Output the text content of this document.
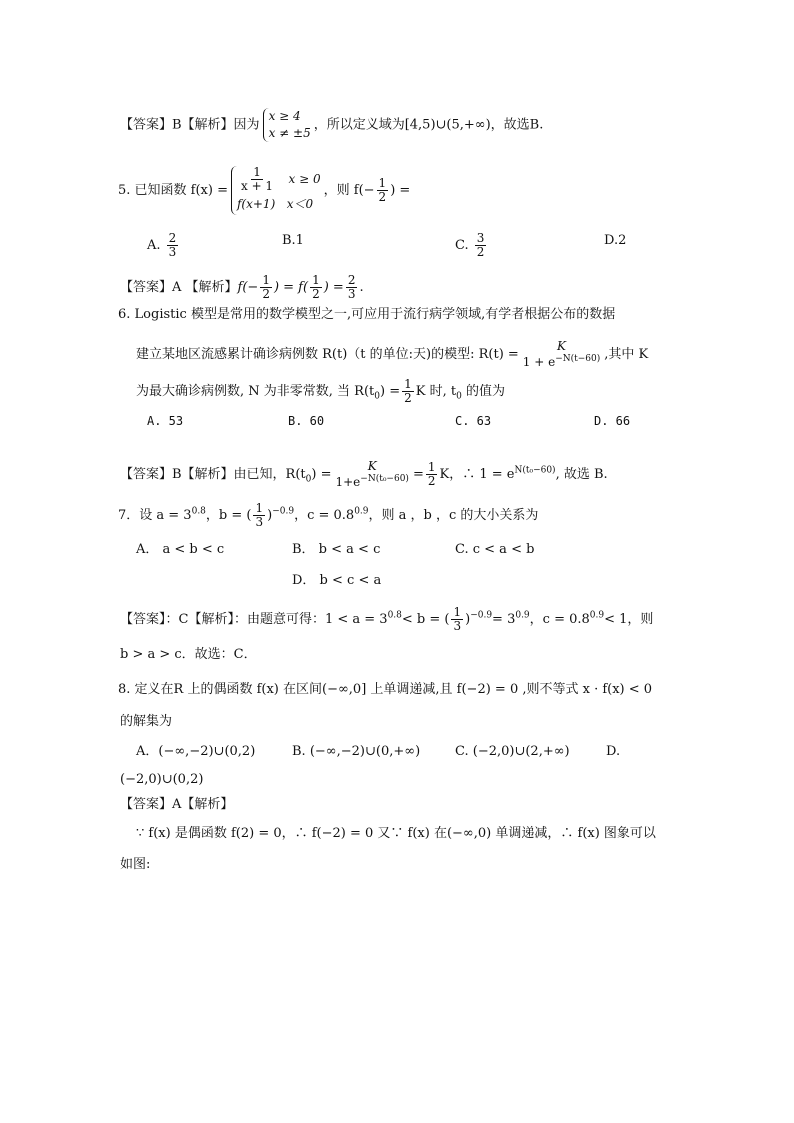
【答案】B【解析】因为
x ≥ 4
x ≠ ±5
，所以定义域为[4,5)∪(5,+∞)，故选B.
5. 已知函数 $f(x) = \frac{1}{x + 1}$ x ≥ 0
f(x+1) x＜0
，则 $f(- \frac{1}{2}$ ) =
A. $\frac{2}{3}$	B.1	C. $\frac{3}{2}$	D.2
【答案】A 【解析】$f(- \frac{1}{2}$ ) = $f( \frac{1}{2}$ ) = $\frac{2}{3}$ .
6. Logistic 模型是常用的数学模型之一,可应用于流行病学领域,有学者根据公布的数据
建立某地区流感累计确诊病例数 R(t)（t 的单位:天)的模型: R(t) =
K
$1 + e^{-N(t-60)}$ ,其中 K
为最大确诊病例数, N 为非零常数, 当 $R(t_0) = \frac{1}{2}$ K 时, $t_0$ 的值为
A. 53	B. 60	C. 63	D. 66
【答案】B【解析】由已知，$R(t_0)$ =
K
$1+e^{-N(t_0-60)} = \frac{1}{2}$ K，∴ $1 = e^{N(t_0-60)}$, 故选 B.
7．设 $a = 3^{0.8}$，b = ( $\frac{1}{3} )^{-0.9}$，$c = 0.8^{0.9}$，则 a ，b ，c 的大小关系为
A． a < b < c	B． b < a < c	C. c < a < b
D． b < c < a
【答案】：C【解析】：由题意可得：$1 < a = 3^{0.8}< b$ = ( $\frac{1}{3} )^{-0.9}= 3^{0.9}$，$c = 0.8^{0.9}< 1$，则
b > a > c．故选：C．
8. 定义在R 上的偶函数 f(x) 在区间(−∞,0] 上单调递减,且 f(−2) = 0 ,则不等式 x · f(x) < 0
的解集为
A．(−∞,−2)∪(0,2)	B. (−∞,−2)∪(0,+∞)	C. (−2,0)∪(2,+∞)	D.
(−2,0)∪(0,2)
【答案】A【解析】
∵ f(x) 是偶函数 f(2) = 0，∴ f(−2) = 0 又∵ f(x) 在(−∞,0) 单调递减，∴ f(x) 图象可以
如图:
